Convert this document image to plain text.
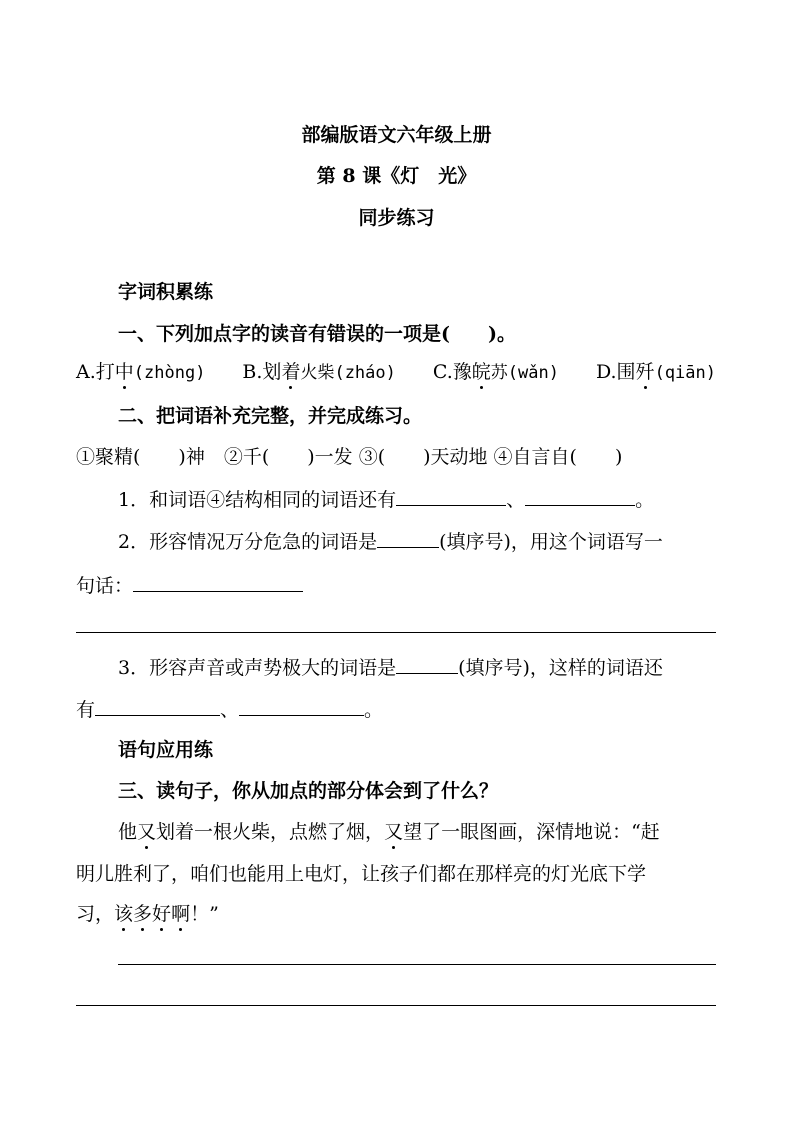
部编版语文六年级上册
第 8 课《灯　光》
同步练习
字词积累练
一、下列加点字的读音有错误的一项是(　　)。
A.打中(zhòng) B.划着火柴(zháo) C.豫皖苏(wǎn) D.围歼(qiān)
二、把词语补充完整，并完成练习。
①聚精(　　)神　②千(　　)一发 ③(　　)天动地 ④自言自(　　)
1．和词语④结构相同的词语还有	、	。
2．形容情况万分危急的词语是	(填序号)，用这个词语写一
句话：
3．形容声音或声势极大的词语是	(填序号)，这样的词语还
有	、	。
语句应用练
三、读句子，你从加点的部分体会到了什么？
他又划着一根火柴，点燃了烟，又望了一眼图画，深情地说：“赶
明儿胜利了，咱们也能用上电灯，让孩子们都在那样亮的灯光底下学
习，该多好啊！”
